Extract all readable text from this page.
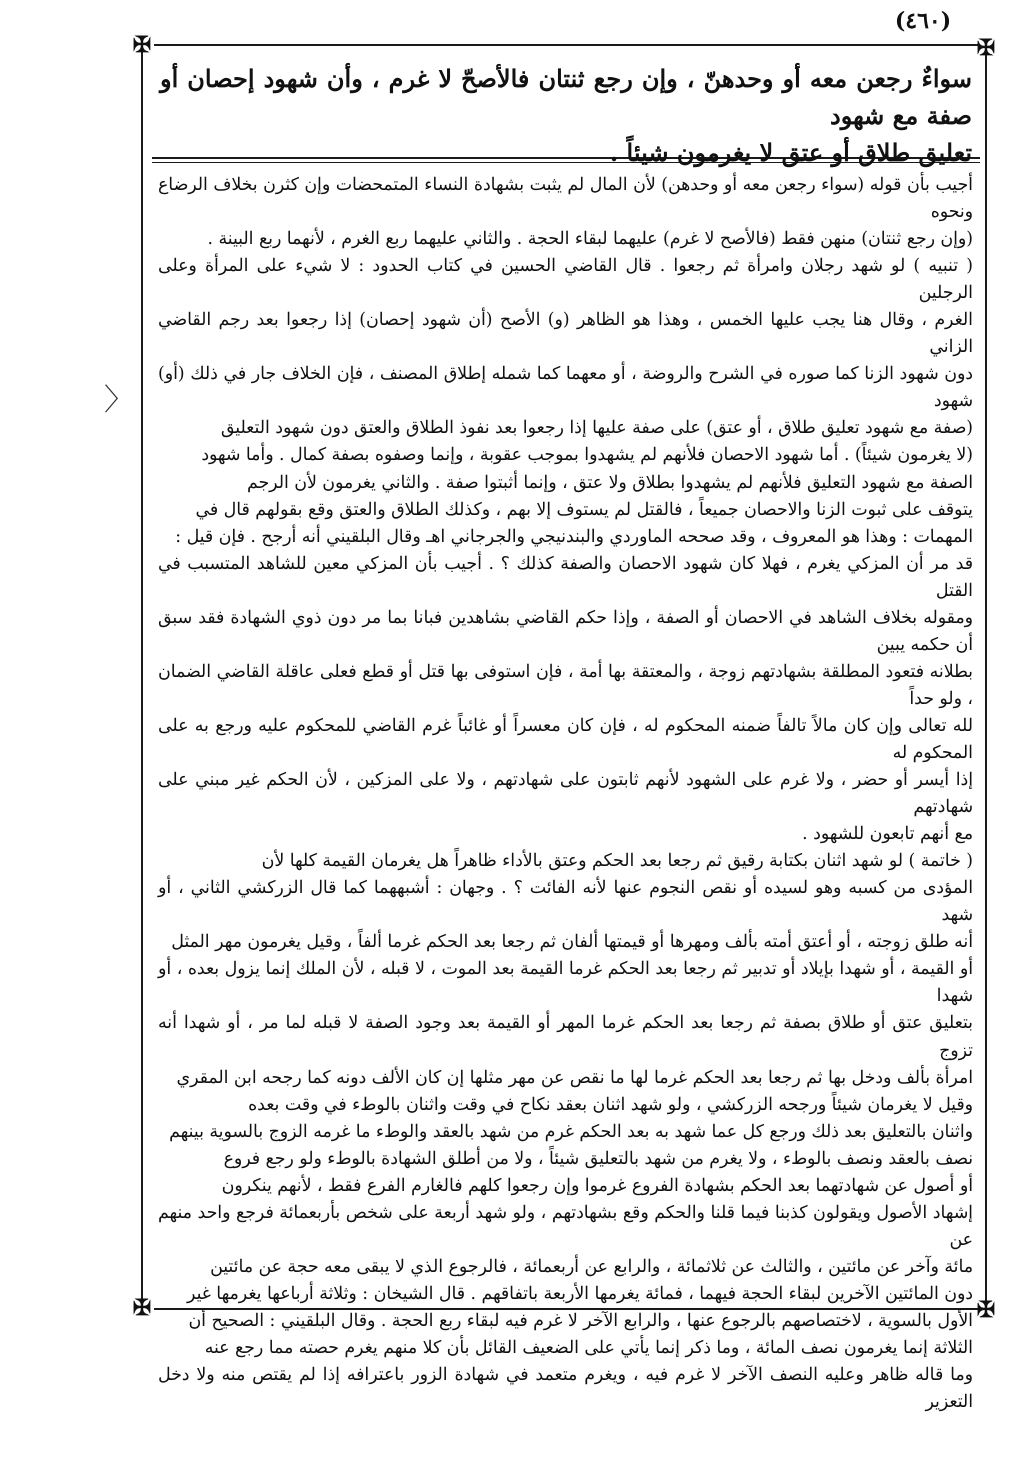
(٤٦٠)
✠	✠
✠	✠
〉

سواءٌ رجعن معه أو وحدهنّ ، وإن رجع ثنتان فالأصحّ لا غرم ، وأن شهود إحصان أو صفة مع شهود

تعليق طلاق أو عتق لا يغرمون شيئاً .

أجيب بأن قوله (سواء رجعن معه أو وحدهن) لأن المال لم يثبت بشهادة النساء المتمحضات وإن كثرن بخلاف الرضاع ونحوه

(وإن رجع ثنتان) منهن فقط (فالأصح لا غرم) عليهما لبقاء الحجة . والثاني عليهما ربع الغرم ، لأنهما ربع البينة .

( تنبيه ) لو شهد رجلان وامرأة ثم رجعوا . قال القاضي الحسين في كتاب الحدود : لا شيء على المرأة وعلى الرجلين

الغرم ، وقال هنا يجب عليها الخمس ، وهذا هو الظاهر (و) الأصح (أن شهود إحصان) إذا رجعوا بعد رجم القاضي الزاني

دون شهود الزنا كما صوره في الشرح والروضة ، أو معهما كما شمله إطلاق المصنف ، فإن الخلاف جار في ذلك (أو) شهود

(صفة مع شهود تعليق طلاق ، أو عتق) على صفة عليها إذا رجعوا بعد نفوذ الطلاق والعتق دون شهود التعليق

(لا يغرمون شيئاً) . أما شهود الاحصان فلأنهم لم يشهدوا بموجب عقوبة ، وإنما وصفوه بصفة كمال . وأما شهود

الصفة مع شهود التعليق فلأنهم لم يشهدوا بطلاق ولا عتق ، وإنما أثبتوا صفة . والثاني يغرمون لأن الرجم

يتوقف على ثبوت الزنا والاحصان جميعاً ، فالقتل لم يستوف إلا بهم ، وكذلك الطلاق والعتق وقع بقولهم قال في

المهمات : وهذا هو المعروف ، وقد صححه الماوردي والبندنيجي والجرجاني اهـ وقال البلقيني أنه أرجح . فإن قيل :

قد مر أن المزكي يغرم ، فهلا كان شهود الاحصان والصفة كذلك ؟ . أجيب بأن المزكي معين للشاهد المتسبب في القتل

ومقوله بخلاف الشاهد في الاحصان أو الصفة ، وإذا حكم القاضي بشاهدين فبانا بما مر دون ذوي الشهادة فقد سبق أن حكمه يبين

بطلانه فتعود المطلقة بشهادتهم زوجة ، والمعتقة بها أمة ، فإن استوفى بها قتل أو قطع فعلى عاقلة القاضي الضمان ، ولو حداً

لله تعالى وإن كان مالاً تالفاً ضمنه المحكوم له ، فإن كان معسراً أو غائباً غرم القاضي للمحكوم عليه ورجع به على المحكوم له

إذا أيسر أو حضر ، ولا غرم على الشهود لأنهم ثابتون على شهادتهم ، ولا على المزكين ، لأن الحكم غير مبني على شهادتهم

مع أنهم تابعون للشهود .

( خاتمة ) لو شهد اثنان بكتابة رقيق ثم رجعا بعد الحكم وعتق بالأداء ظاهراً هل يغرمان القيمة كلها لأن

المؤدى من كسبه وهو لسيده أو نقص النجوم عنها لأنه الفائت ؟ . وجهان : أشبههما كما قال الزركشي الثاني ، أو شهد

أنه طلق زوجته ، أو أعتق أمته بألف ومهرها أو قيمتها ألفان ثم رجعا بعد الحكم غرما ألفاً ، وقيل يغرمون مهر المثل

أو القيمة ، أو شهدا بإيلاد أو تدبير ثم رجعا بعد الحكم غرما القيمة بعد الموت ، لا قبله ، لأن الملك إنما يزول بعده ، أو شهدا

بتعليق عتق أو طلاق بصفة ثم رجعا بعد الحكم غرما المهر أو القيمة بعد وجود الصفة لا قبله لما مر ، أو شهدا أنه تزوج

امرأة بألف ودخل بها ثم رجعا بعد الحكم غرما لها ما نقص عن مهر مثلها إن كان الألف دونه كما رجحه ابن المقري

وقيل لا يغرمان شيئاً ورجحه الزركشي ، ولو شهد اثنان بعقد نكاح في وقت واثنان بالوطء في وقت بعده

واثنان بالتعليق بعد ذلك ورجع كل عما شهد به بعد الحكم غرم من شهد بالعقد والوطء ما غرمه الزوج بالسوية بينهم

نصف بالعقد ونصف بالوطء ، ولا يغرم من شهد بالتعليق شيئاً ، ولا من أطلق الشهادة بالوطء ولو رجع فروع

أو أصول عن شهادتهما بعد الحكم بشهادة الفروع غرموا وإن رجعوا كلهم فالغارم الفرع فقط ، لأنهم ينكرون

إشهاد الأصول ويقولون كذبنا فيما قلنا والحكم وقع بشهادتهم ، ولو شهد أربعة على شخص بأربعمائة فرجع واحد منهم عن

مائة وآخر عن مائتين ، والثالث عن ثلاثمائة ، والرابع عن أربعمائة ، فالرجوع الذي لا يبقى معه حجة عن مائتين

دون المائتين الآخرين لبقاء الحجة فيهما ، فمائة يغرمها الأربعة باتفاقهم . قال الشيخان : وثلاثة أرباعها يغرمها غير

الأول بالسوية ، لاختصاصهم بالرجوع عنها ، والرابع الآخر لا غرم فيه لبقاء ربع الحجة . وقال البلقيني : الصحيح أن

الثلاثة إنما يغرمون نصف المائة ، وما ذكر إنما يأتي على الضعيف القائل بأن كلا منهم يغرم حصته مما رجع عنه

وما قاله ظاهر وعليه النصف الآخر لا غرم فيه ، ويغرم متعمد في شهادة الزور باعترافه إذا لم يقتص منه ولا دخل التعزير
